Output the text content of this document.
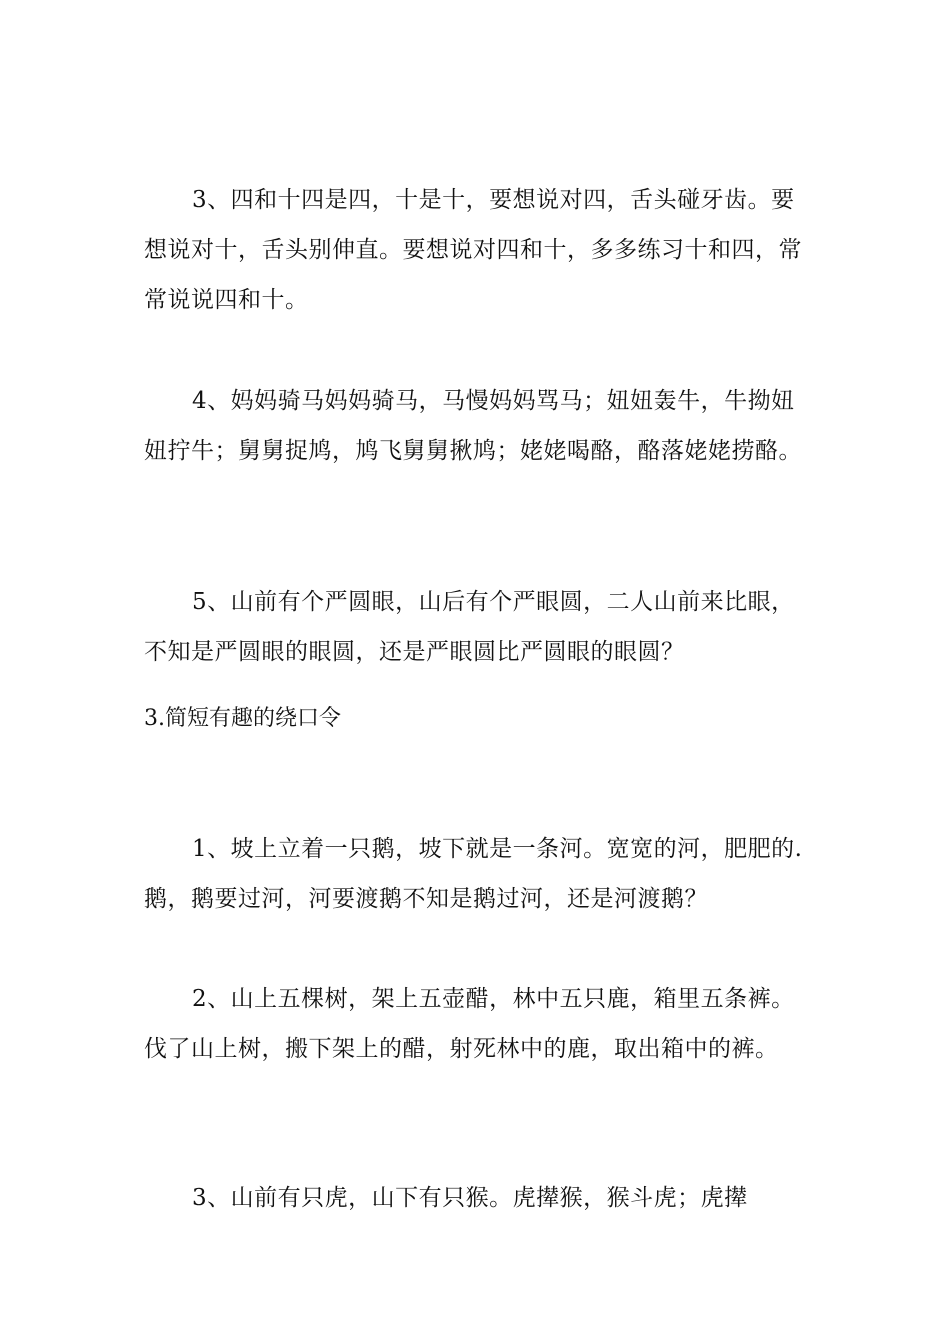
3、四和十四是四，十是十，要想说对四，舌头碰牙齿。要想说对十，舌头别伸直。要想说对四和十，多多练习十和四，常常说说四和十。

4、妈妈骑马妈妈骑马，马慢妈妈骂马；妞妞轰牛，牛拗妞妞拧牛；舅舅捉鸠，鸠飞舅舅揪鸠；姥姥喝酪，酪落姥姥捞酪。

5、山前有个严圆眼，山后有个严眼圆，二人山前来比眼，不知是严圆眼的眼圆，还是严眼圆比严圆眼的眼圆？

3.简短有趣的绕口令

1、坡上立着一只鹅，坡下就是一条河。宽宽的河，肥肥的.鹅，鹅要过河，河要渡鹅不知是鹅过河，还是河渡鹅？

2、山上五棵树，架上五壶醋，林中五只鹿，箱里五条裤。伐了山上树，搬下架上的醋，射死林中的鹿，取出箱中的裤。

3、山前有只虎，山下有只猴。虎撵猴，猴斗虎；虎撵
